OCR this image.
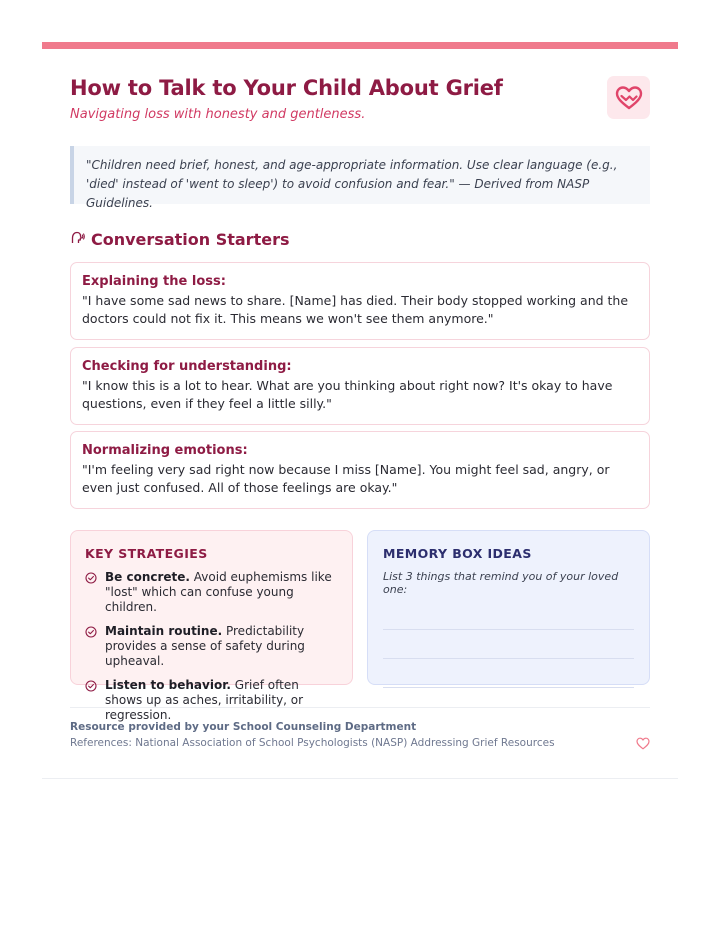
How to Talk to Your Child About Grief
Navigating loss with honesty and gentleness.
"Children need brief, honest, and age-appropriate information. Use clear language (e.g., 'died' instead of 'went to sleep') to avoid confusion and fear." — Derived from NASP Guidelines.
Conversation Starters
Explaining the loss:
"I have some sad news to share. [Name] has died. Their body stopped working and the doctors could not fix it. This means we won't see them anymore."
Checking for understanding:
"I know this is a lot to hear. What are you thinking about right now? It's okay to have questions, even if they feel a little silly."
Normalizing emotions:
"I'm feeling very sad right now because I miss [Name]. You might feel sad, angry, or even just confused. All of those feelings are okay."
KEY STRATEGIES
Be concrete. Avoid euphemisms like "lost" which can confuse young children.
Maintain routine. Predictability provides a sense of safety during upheaval.
Listen to behavior. Grief often shows up as aches, irritability, or regression.
MEMORY BOX IDEAS
List 3 things that remind you of your loved one:
Resource provided by your School Counseling Department
References: National Association of School Psychologists (NASP) Addressing Grief Resources
